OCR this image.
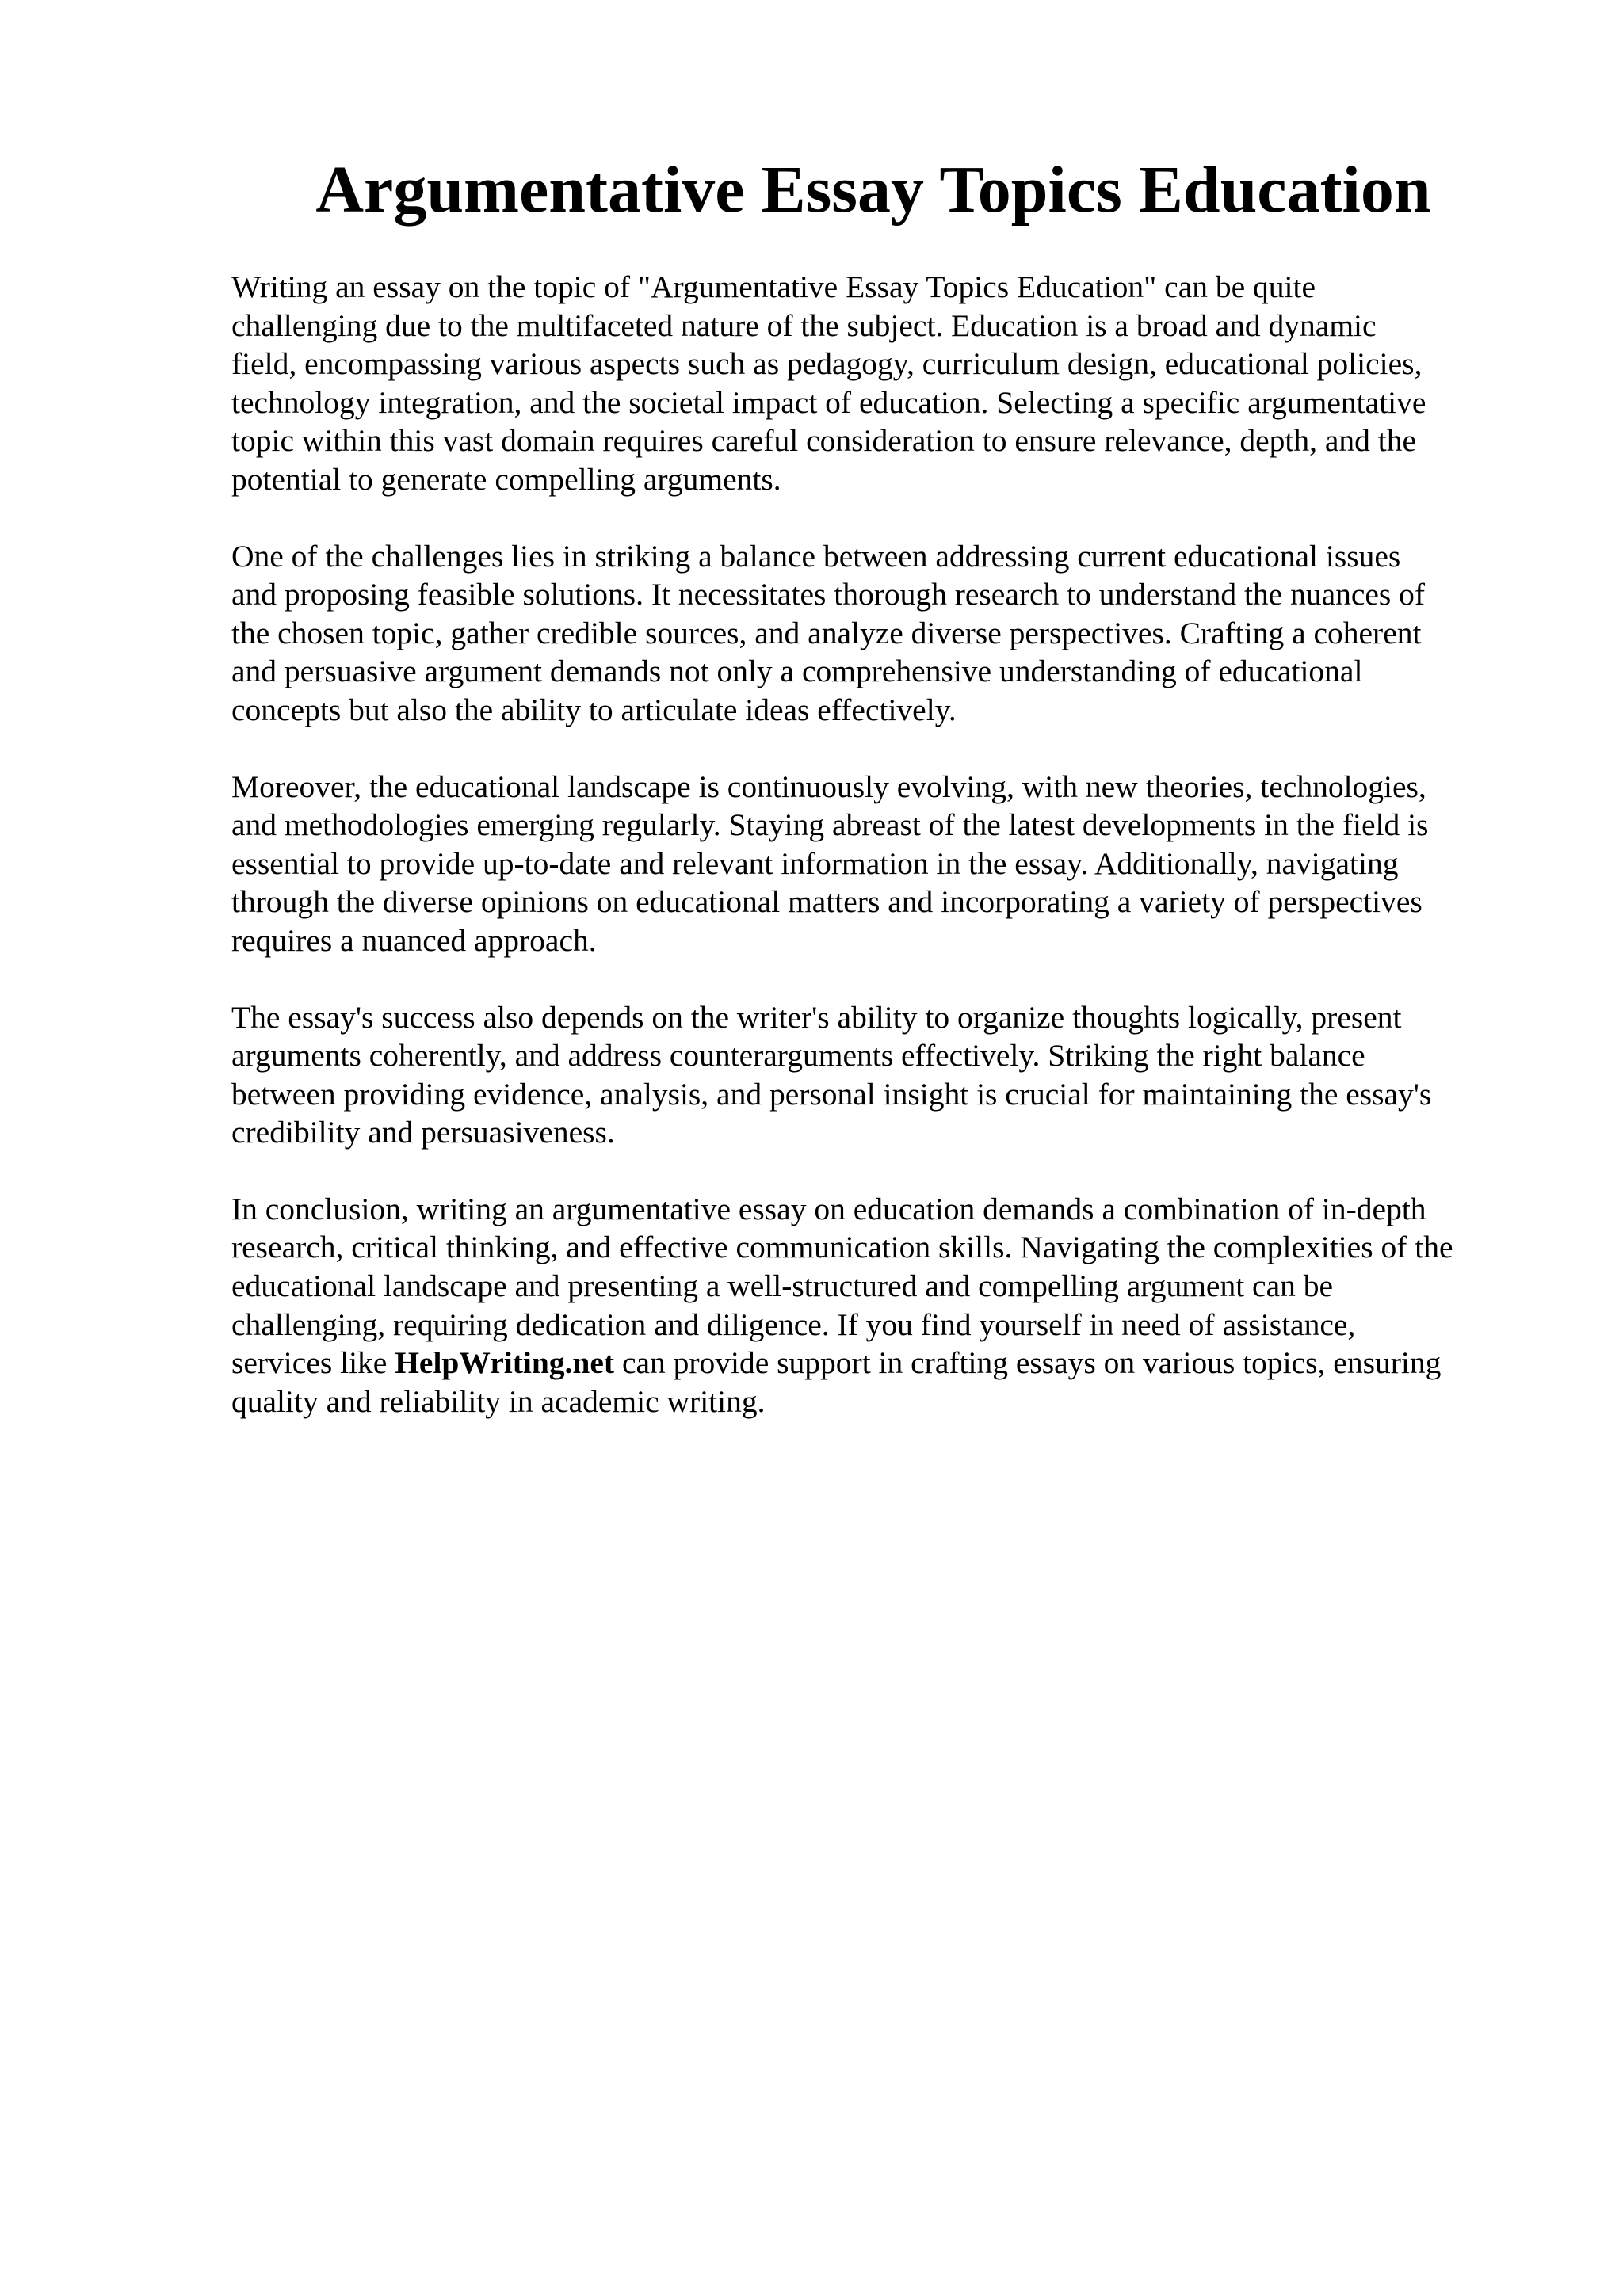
Argumentative Essay Topics Education

Writing an essay on the topic of "Argumentative Essay Topics Education" can be quite
challenging due to the multifaceted nature of the subject. Education is a broad and dynamic
field, encompassing various aspects such as pedagogy, curriculum design, educational policies,
technology integration, and the societal impact of education. Selecting a specific argumentative
topic within this vast domain requires careful consideration to ensure relevance, depth, and the
potential to generate compelling arguments.

One of the challenges lies in striking a balance between addressing current educational issues
and proposing feasible solutions. It necessitates thorough research to understand the nuances of
the chosen topic, gather credible sources, and analyze diverse perspectives. Crafting a coherent
and persuasive argument demands not only a comprehensive understanding of educational
concepts but also the ability to articulate ideas effectively.

Moreover, the educational landscape is continuously evolving, with new theories, technologies,
and methodologies emerging regularly. Staying abreast of the latest developments in the field is
essential to provide up-to-date and relevant information in the essay. Additionally, navigating
through the diverse opinions on educational matters and incorporating a variety of perspectives
requires a nuanced approach.

The essay's success also depends on the writer's ability to organize thoughts logically, present
arguments coherently, and address counterarguments effectively. Striking the right balance
between providing evidence, analysis, and personal insight is crucial for maintaining the essay's
credibility and persuasiveness.

In conclusion, writing an argumentative essay on education demands a combination of in-depth
research, critical thinking, and effective communication skills. Navigating the complexities of the
educational landscape and presenting a well-structured and compelling argument can be
challenging, requiring dedication and diligence. If you find yourself in need of assistance,
services like HelpWriting.net can provide support in crafting essays on various topics, ensuring
quality and reliability in academic writing.
